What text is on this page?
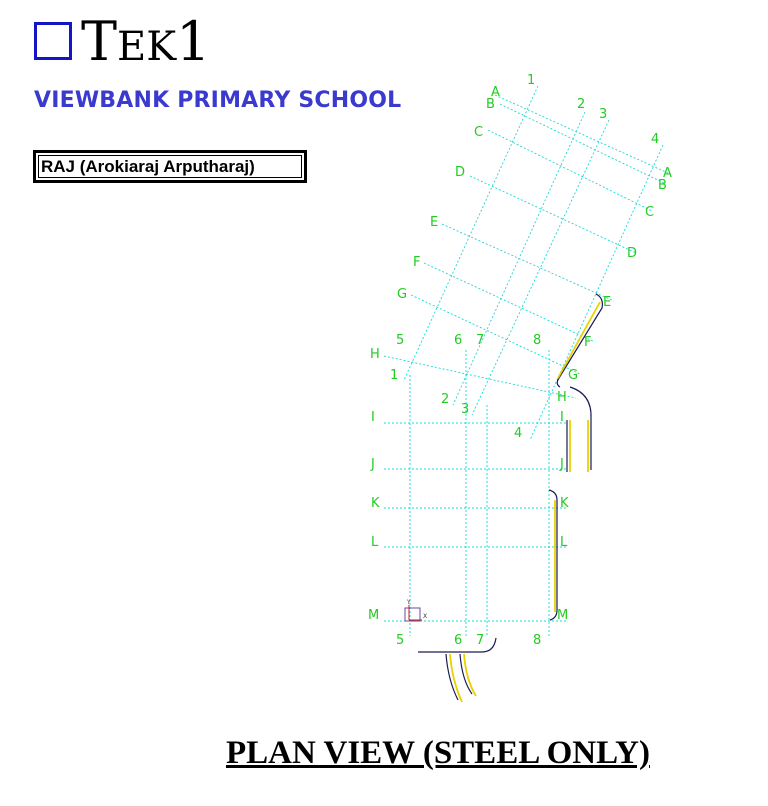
TEK1
VIEWBANK PRIMARY SCHOOL
RAJ (Arokiaraj Arputharaj)
Y
X
1
2
3
4
A
B
C
D
E
F
G
H
A
B
C
D
E
F
G
H
5	6 7	8
5	6 7	8
I
J
K
L
M
I
J
K
L
M
1
2
3
4
PLAN VIEW (STEEL ONLY)
